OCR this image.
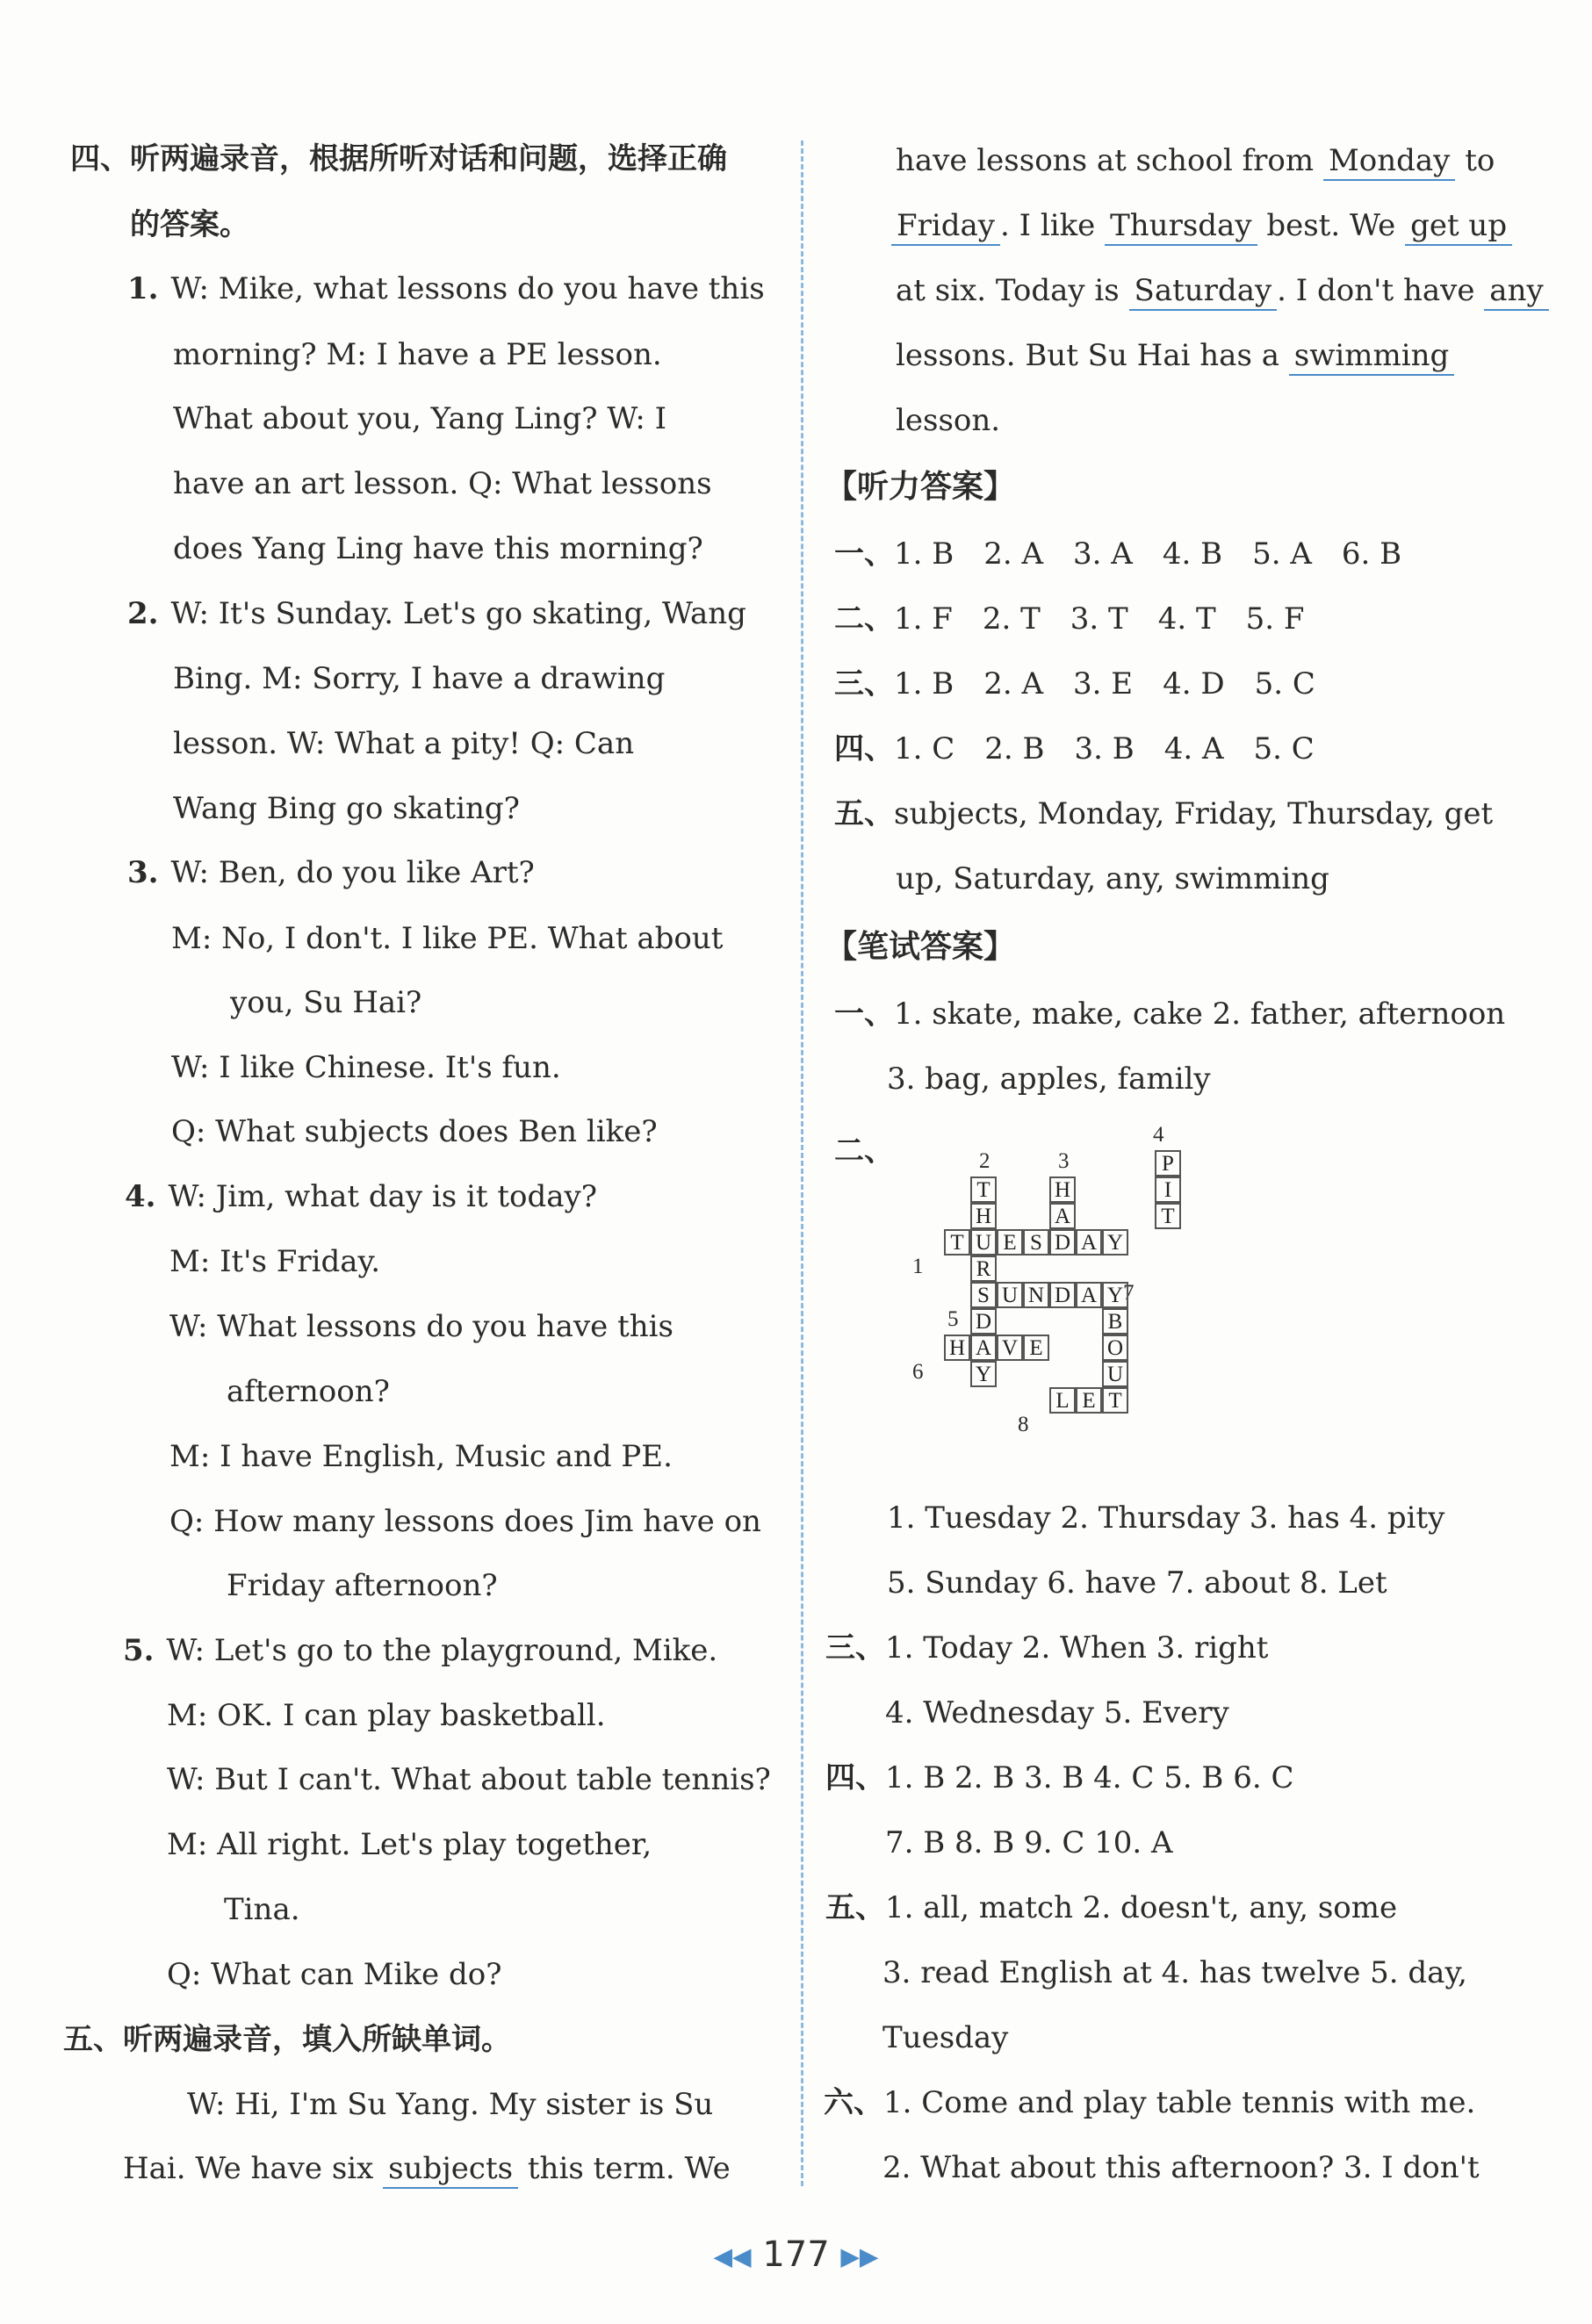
四、听两遍录音，根据所听对话和问题，选择正确
的答案。
1. W: Mike, what lessons do you have this
morning? M: I have a PE lesson.
What about you, Yang Ling? W: I
have an art lesson. Q: What lessons
does Yang Ling have this morning?
2. W: It's Sunday. Let's go skating, Wang
Bing. M: Sorry, I have a drawing
lesson. W: What a pity! Q: Can
Wang Bing go skating?
3. W: Ben, do you like Art?
M: No, I don't. I like PE. What about
you, Su Hai?
W: I like Chinese. It's fun.
Q: What subjects does Ben like?
4. W: Jim, what day is it today?
M: It's Friday.
W: What lessons do you have this
afternoon?
M: I have English, Music and PE.
Q: How many lessons does Jim have on
Friday afternoon?
5. W: Let's go to the playground, Mike.
M: OK. I can play basketball.
W: But I can't. What about table tennis?
M: All right. Let's play together,
Tina.
Q: What can Mike do?
五、听两遍录音，填入所缺单词。
W: Hi, I'm Su Yang. My sister is Su
Hai. We have six subjects this term. We
have lessons at school from Monday to
Friday . I like Thursday best. We get up
at six. Today is Saturday . I don't have any
lessons. But Su Hai has a swimming
lesson.
【听力答案】
一、1. B 2. A 3. A 4. B 5. A 6. B
二、1. F 2. T 3. T 4. T 5. F
三、1. B 2. A 3. E 4. D 5. C
四、1. C 2. B 3. B 4. A 5. C
五、subjects, Monday, Friday, Thursday, get
up, Saturday, any, swimming
【笔试答案】
一、1. skate, make, cake 2. father, afternoon
3. bag, apples, family
二、	2	3
4
1
7
5
6
8
T
H
R
D
Y
H
A
P
I
T
T U E S D A Y
S U N D A Y
H A V E
B
O
U
L E T
1. Tuesday 2. Thursday 3. has 4. pity
5. Sunday 6. have 7. about 8. Let
三、1. Today 2. When 3. right
4. Wednesday 5. Every
四、1. B 2. B 3. B 4. C 5. B 6. C
7. B 8. B 9. C 10. A
五、1. all, match 2. doesn't, any, some
3. read English at 4. has twelve 5. day,
Tuesday
六、1. Come and play table tennis with me.
2. What about this afternoon? 3. I don't
◀◀ 177 ▶▶
